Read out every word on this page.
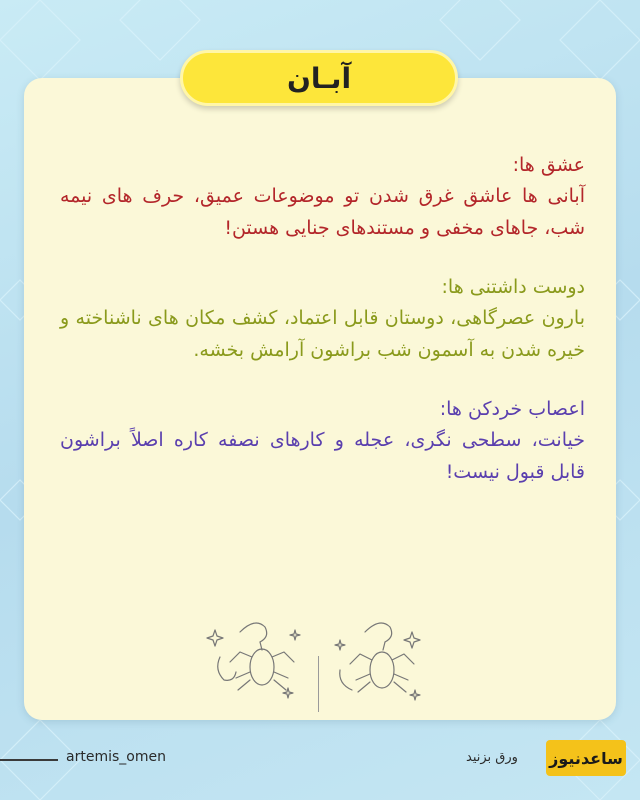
آبـان
عشق ها:

آبانی ها عاشق غرق شدن تو موضوعات عمیق، حرف های نیمه شب، جاهای مخفی و مستندهای جنایی هستن!

دوست داشتنی ها:

بارون عصرگاهی، دوستان قابل اعتماد، کشف مکان های ناشناخته و خیره شدن به آسمون شب براشون آرامش بخشه.

اعصاب خردکن ها:

خیانت، سطحی نگری، عجله و کارهای نصفه کاره اصلاً براشون قابل قبول نیست!

artemis_omen	ورق بزنید ساعدنیوز
